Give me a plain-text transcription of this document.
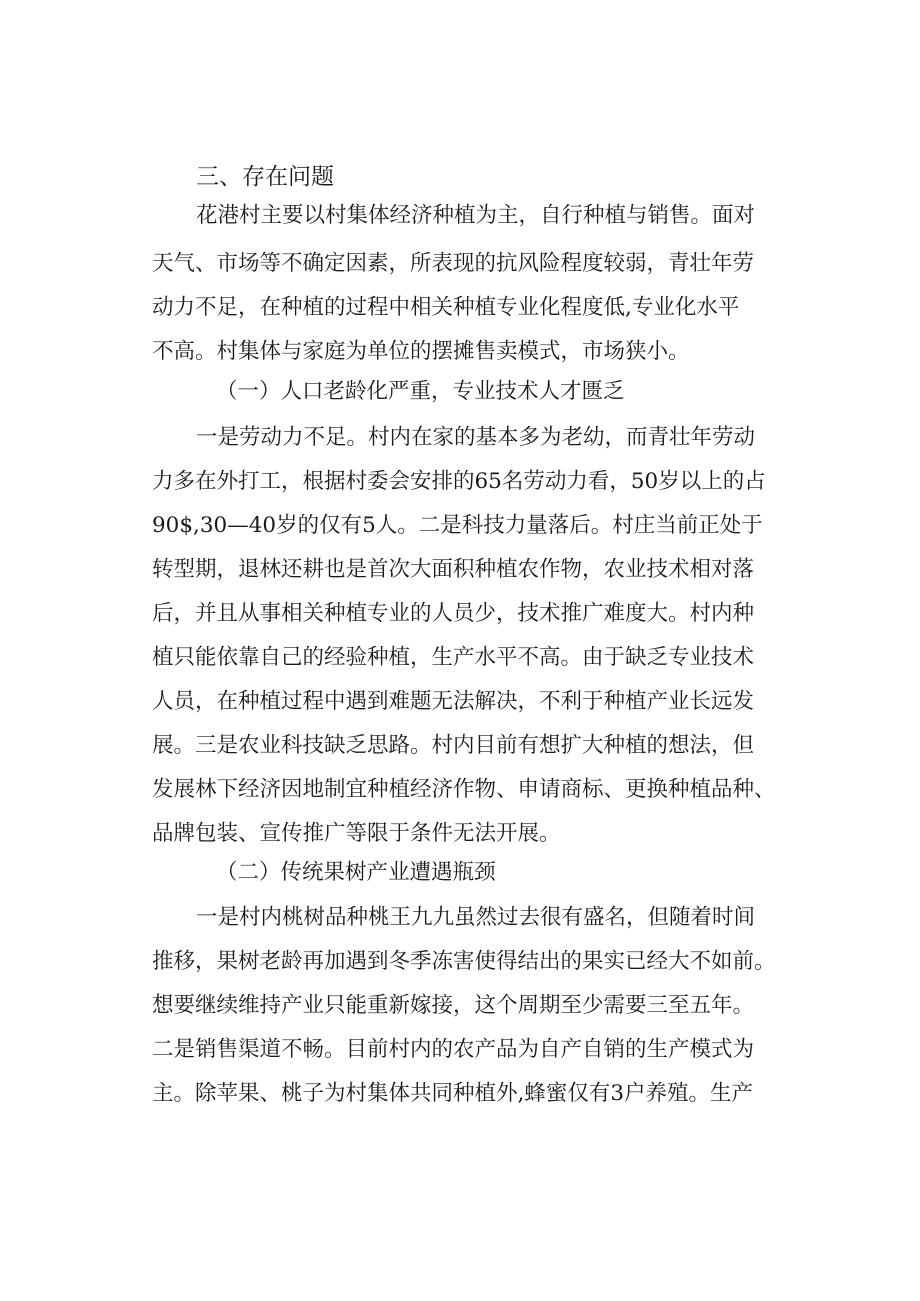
三、存在问题

花港村主要以村集体经济种植为主，自行种植与销售。面对

天气、市场等不确定因素，所表现的抗风险程度较弱，青壮年劳

动力不足，在种植的过程中相关种植专业化程度低,专业化水平

不高。村集体与家庭为单位的摆摊售卖模式，市场狭小。

（一）人口老龄化严重，专业技术人才匮乏

一是劳动力不足。村内在家的基本多为老幼，而青壮年劳动

力多在外打工，根据村委会安排的65名劳动力看，50岁以上的占

90$,30—40岁的仅有5人。二是科技力量落后。村庄当前正处于

转型期，退林还耕也是首次大面积种植农作物，农业技术相对落

后，并且从事相关种植专业的人员少，技术推广难度大。村内种

植只能依靠自己的经验种植，生产水平不高。由于缺乏专业技术

人员，在种植过程中遇到难题无法解决，不利于种植产业长远发

展。三是农业科技缺乏思路。村内目前有想扩大种植的想法，但

发展林下经济因地制宜种植经济作物、申请商标、更换种植品种、

品牌包装、宣传推广等限于条件无法开展。

（二）传统果树产业遭遇瓶颈

一是村内桃树品种桃王九九虽然过去很有盛名，但随着时间

推移，果树老龄再加遇到冬季冻害使得结出的果实已经大不如前。

想要继续维持产业只能重新嫁接，这个周期至少需要三至五年。

二是销售渠道不畅。目前村内的农产品为自产自销的生产模式为

主。除苹果、桃子为村集体共同种植外,蜂蜜仅有3户养殖。生产
